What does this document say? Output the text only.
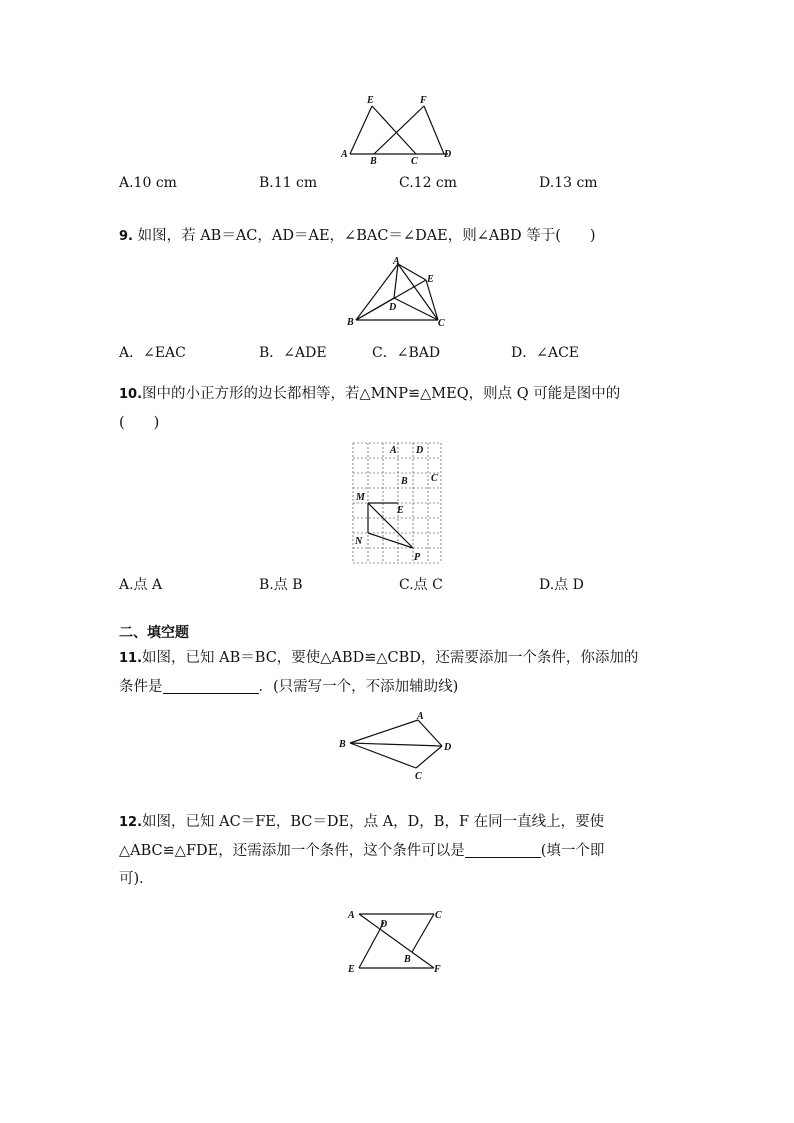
E	F
A
B	C
D
A.10 cm	B.11 cm	C.12 cm	D.13 cm
9. 如图，若 AB＝AC，AD＝AE，∠BAC＝∠DAE，则∠ABD 等于(　　)
A
E
D
B	C
A．∠EAC	B．∠ADE	C．∠BAD	D．∠ACE
10.图中的小正方形的边长都相等，若△MNP≌△MEQ，则点 Q 可能是图中的
(　　)
A D
B C
M
E
N
P
A.点 A	B.点 B	C.点 C	D.点 D
二、填空题
11.如图，已知 AB＝BC，要使△ABD≌△CBD，还需要添加一个条件，你添加的
条件是	．(只需写一个，不添加辅助线)
A
B	D
C
12.如图，已知 AC＝FE，BC＝DE，点 A，D，B，F 在同一直线上，要使
△ABC≌△FDE，还需添加一个条件，这个条件可以是	(填一个即
可)．
A
D
C
B
E	F
